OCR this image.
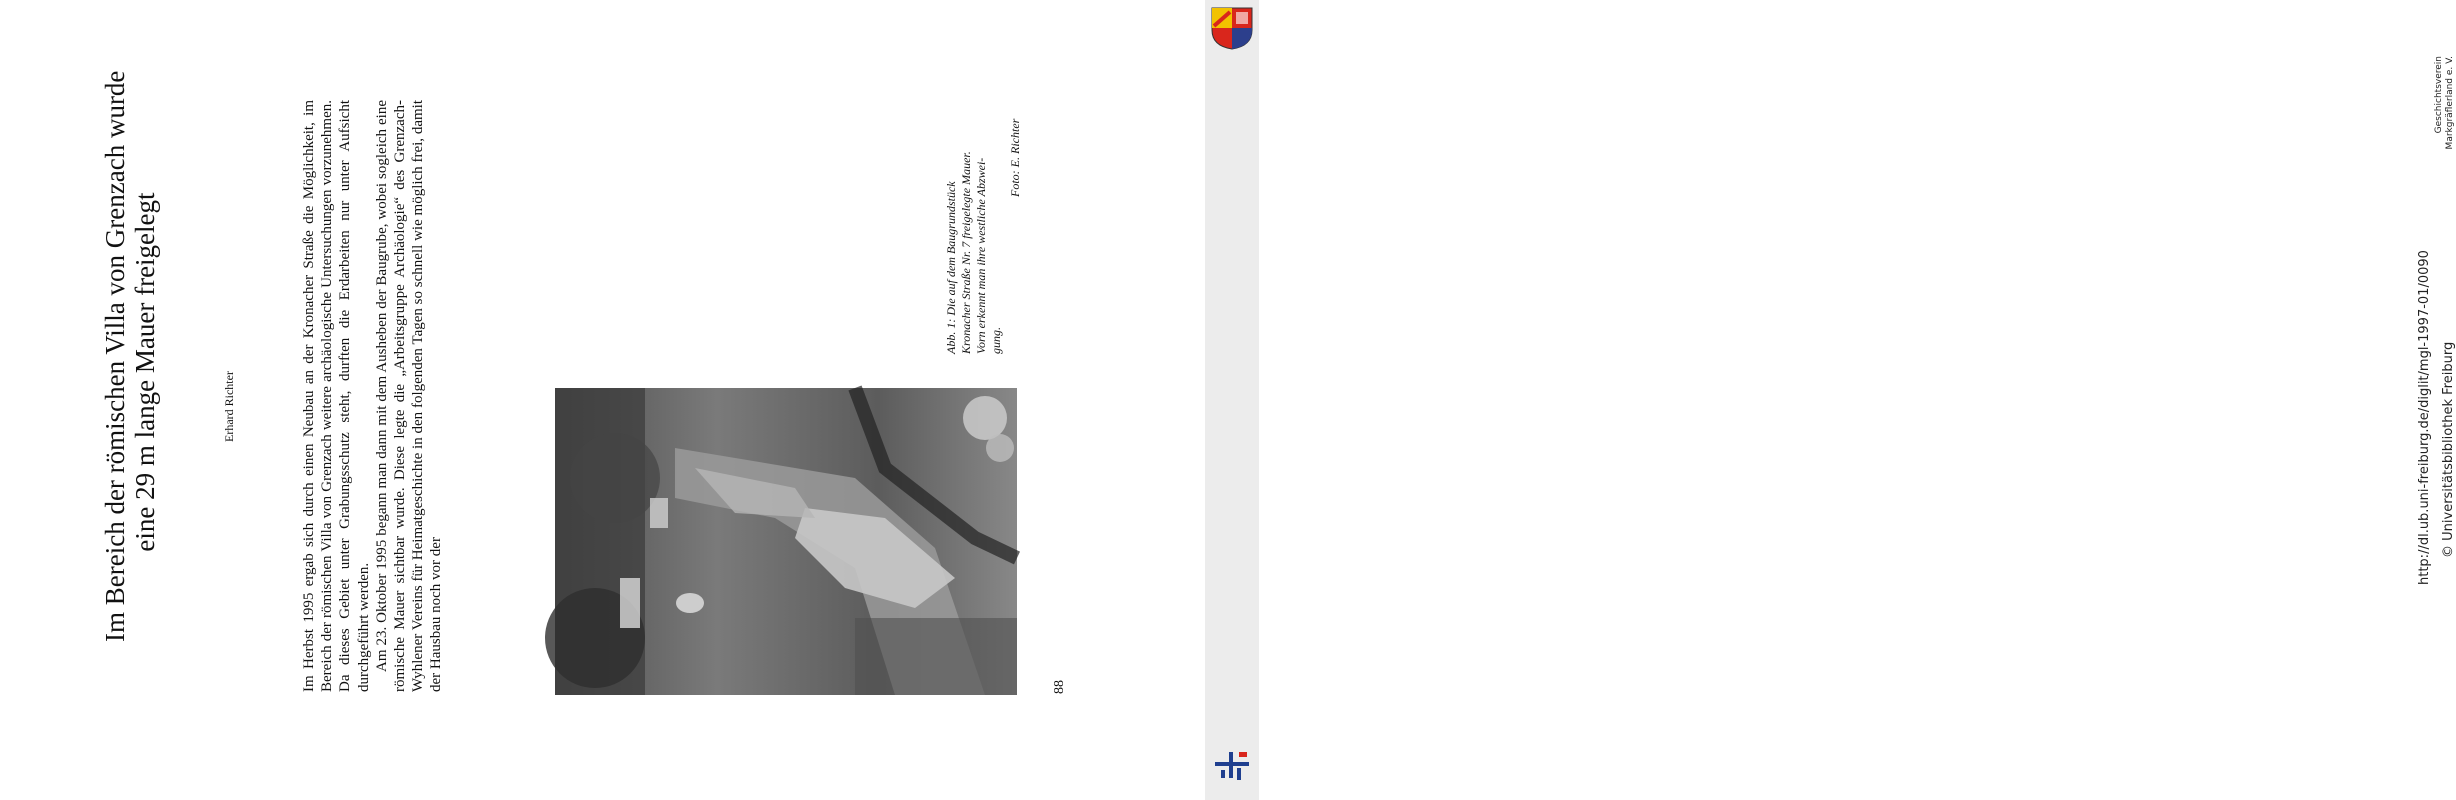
Im Bereich der römischen Villa von Grenzach wurde eine 29 m lange Mauer freigelegt	Erhard Richter	Im Herbst 1995 ergab sich durch einen Neubau an der Kronacher Straße die Möglichkeit, im Bereich der römischen Villa von Grenzach weitere archäologische Untersuchungen vorzunehmen. Da dieses Gebiet unter Grabungsschutz steht, durften die Erdarbeiten nur unter Aufsicht durchgeführt werden. Am 23. Oktober 1995 begann man dann mit dem Ausheben der Baugrube, wobei sogleich eine römische Mauer sichtbar wurde. Diese legte die „Arbeitsgruppe Archäologie“ des Grenzach-Wyhlener Vereins für Heimatgeschichte in den folgenden Tagen so schnell wie möglich frei, damit der Hausbau noch vor der

Abb. 1: Die auf dem Baugrundstück Kronacher Straße Nr. 7 freigelegte Mauer. Vorn erkennt man ihre westliche Abzwei- gung.
Foto: E. Richter
88
Geschichtsverein Markgräflerland e. V.
http://dl.ub.uni-freiburg.de/diglit/mgl-1997-01/0090 © Universitätsbibliothek Freiburg
